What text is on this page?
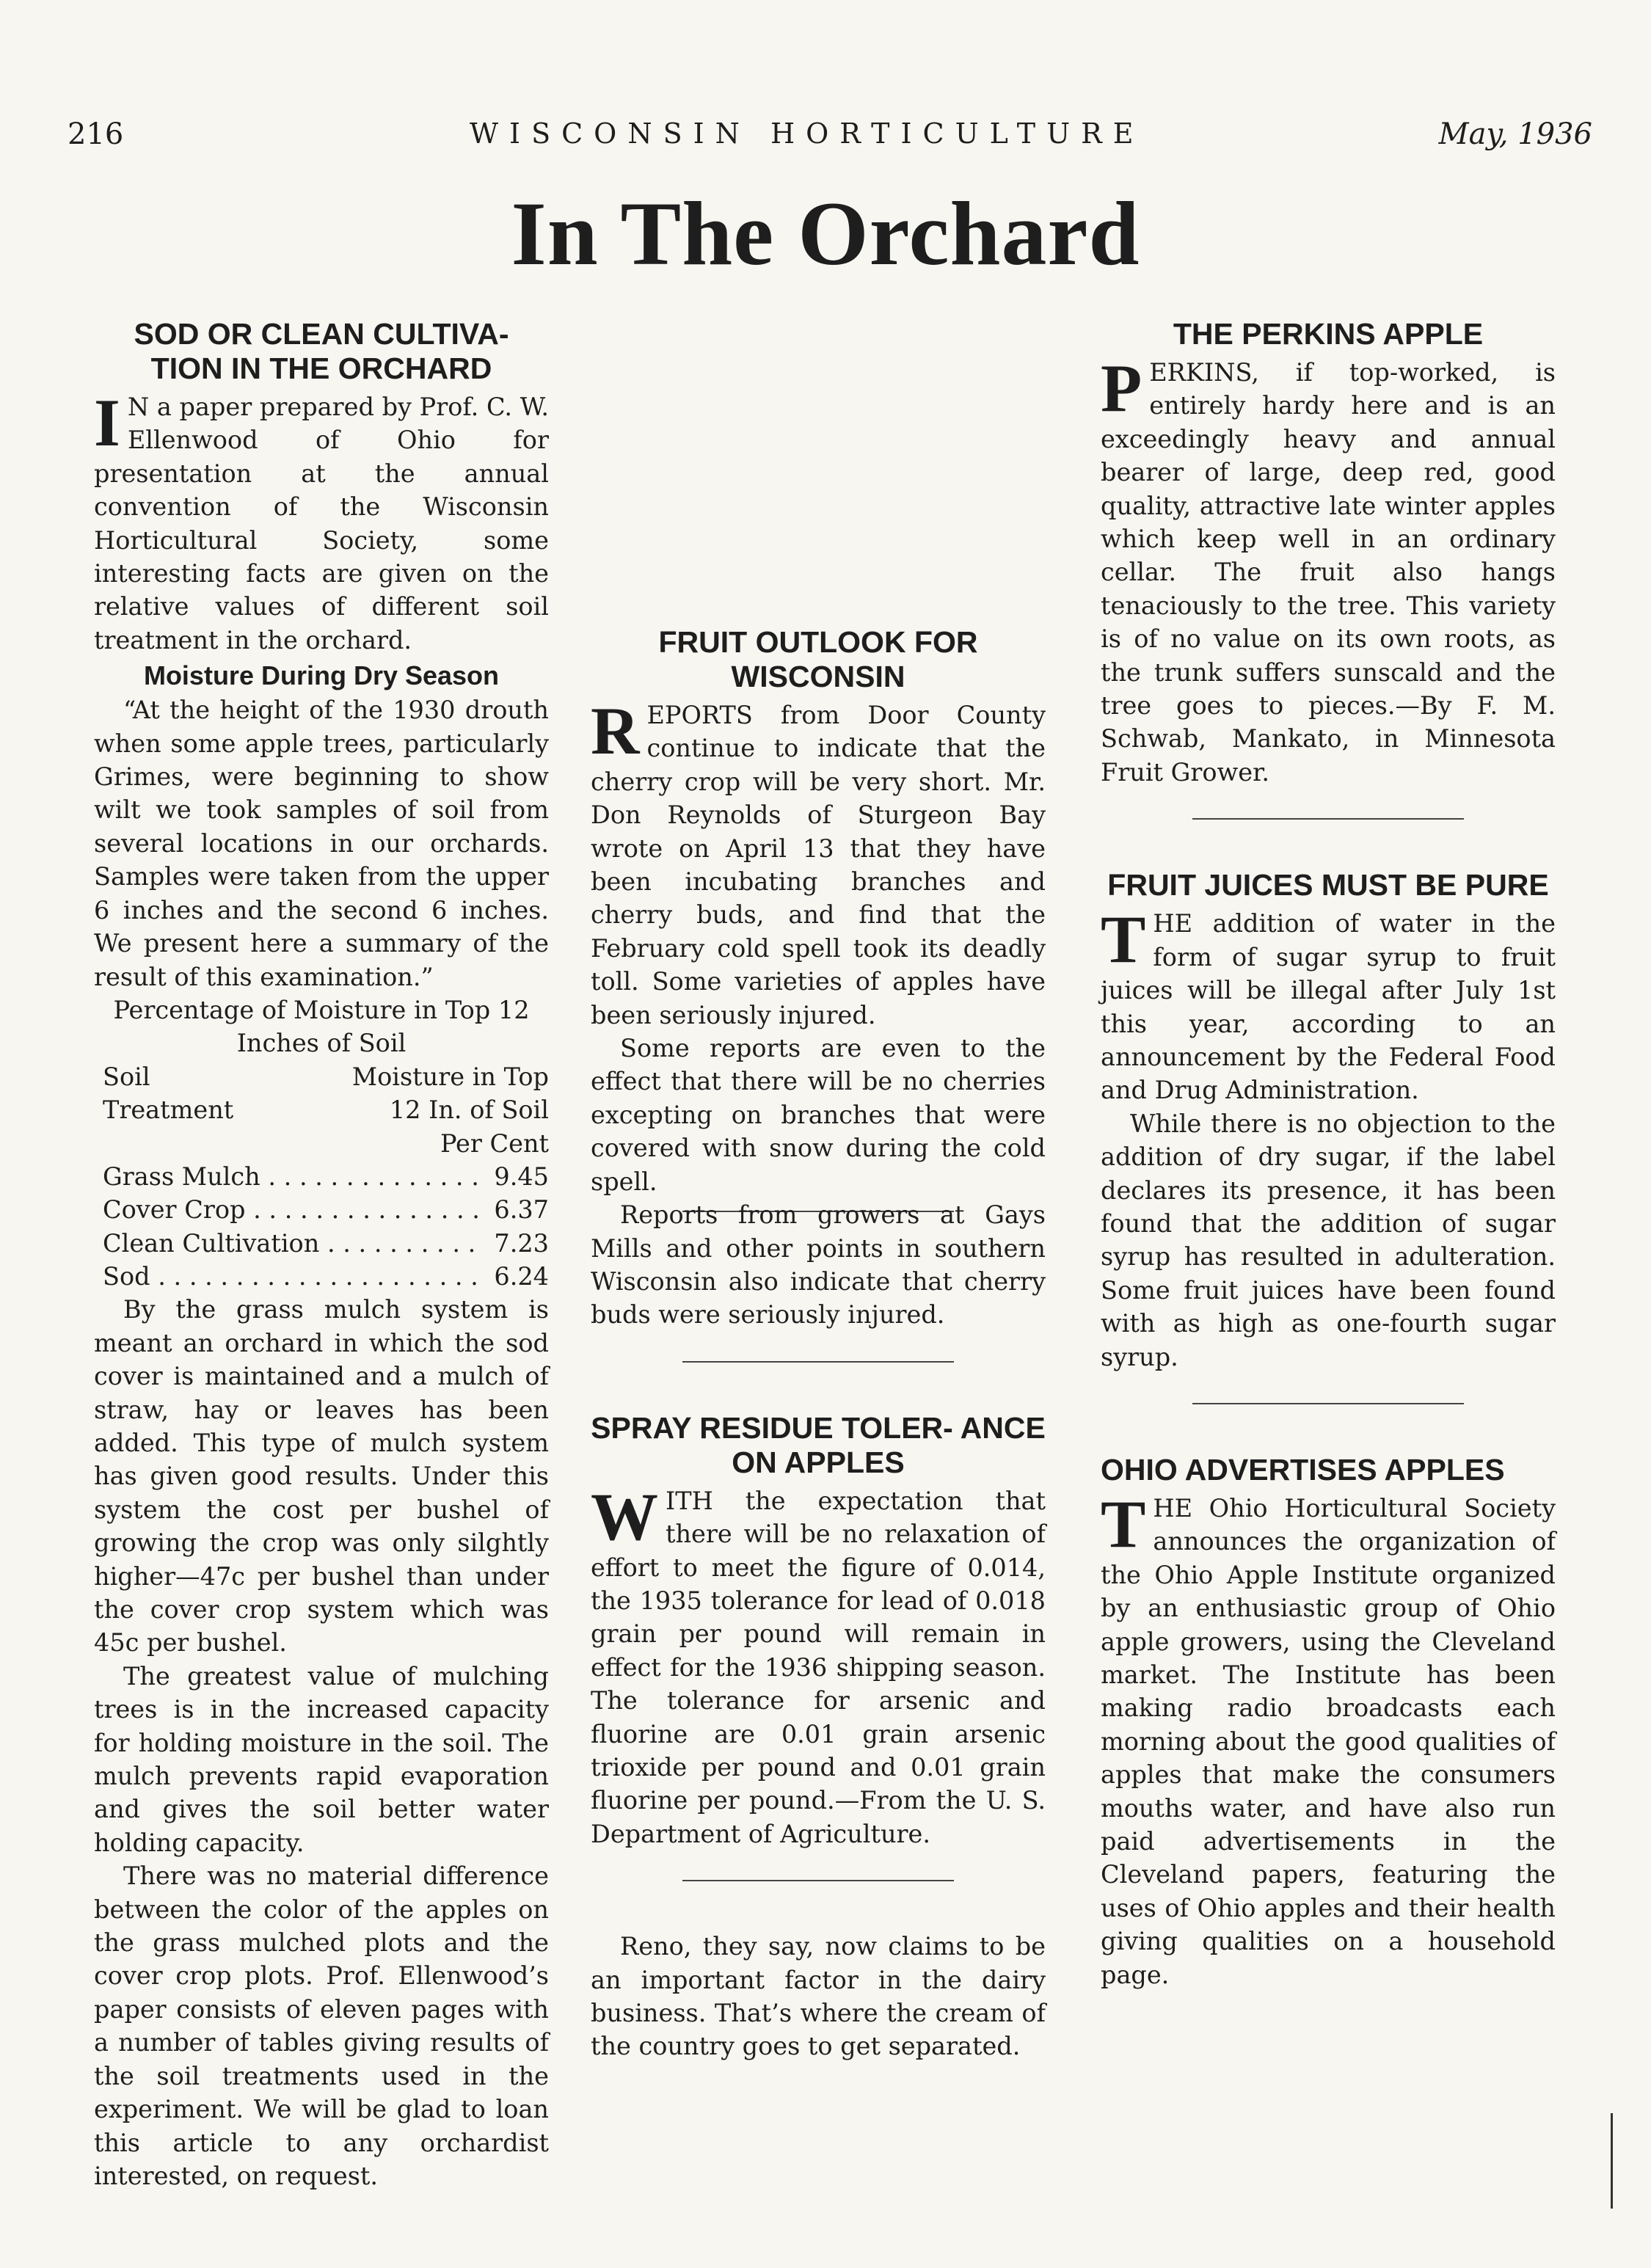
216	WISCONSIN HORTICULTURE	May, 1936
In The Orchard
SOD OR CLEAN CULTIVA- TION IN THE ORCHARD

I N a paper prepared by Prof. C. W. Ellenwood of Ohio for presentation at the annual convention of the Wisconsin Horticultural Society, some interesting facts are given on the relative values of different soil treatment in the orchard.

Moisture During Dry Season

“At the height of the 1930 drouth when some apple trees, particularly Grimes, were beginning to show wilt we took samples of soil from several locations in our orchards. Samples were taken from the upper 6 inches and the second 6 inches. We present here a summary of the result of this examination.”

Percentage of Moisture in Top 12 Inches of Soil

Soil Treatment
Moisture in Top
12 In. of Soil
Per Cent
Grass Mulch . . .	9.45
Cover Crop . . .	6.37
Clean Cultivation . . .	7.23
Sod . . .	6.24

By the grass mulch system is meant an orchard in which the sod cover is maintained and a mulch of straw, hay or leaves has been added. This type of mulch system has given good results. Under this system the cost per bushel of growing the crop was only silghtly higher—47c per bushel than under the cover crop system which was 45c per bushel.

The greatest value of mulching trees is in the increased capacity for holding moisture in the soil. The mulch prevents rapid evaporation and gives the soil better water holding capacity.

There was no material difference between the color of the apples on the grass mulched plots and the cover crop plots. Prof. Ellenwood’s paper consists of eleven pages with a number of tables giving results of the soil treatments used in the experiment. We will be glad to loan this article to any orchardist interested, on request.

FRUIT OUTLOOK FOR WISCONSIN

REPORTS from Door County continue to indicate that the cherry crop will be very short. Mr. Don Reynolds of Sturgeon Bay wrote on April 13 that they have been incubating branches and cherry buds, and find that the February cold spell took its deadly toll. Some varieties of apples have been seriously injured.

Some reports are even to the effect that there will be no cherries excepting on branches that were covered with snow during the cold spell.

Reports from growers at Gays Mills and other points in southern Wisconsin also indicate that cherry buds were seriously injured.

SPRAY RESIDUE TOLER- ANCE ON APPLES

WITH the expectation that there will be no relaxation of effort to meet the figure of 0.014, the 1935 tolerance for lead of 0.018 grain per pound will remain in effect for the 1936 shipping season. The tolerance for arsenic and fluorine are 0.01 grain arsenic trioxide per pound and 0.01 grain fluorine per pound.—From the U. S. Department of Agriculture.

Reno, they say, now claims to be an important factor in the dairy business. That’s where the cream of the country goes to get separated.

THE PERKINS APPLE

PERKINS, if top-worked, is entirely hardy here and is an exceedingly heavy and annual bearer of large, deep red, good quality, attractive late winter apples which keep well in an ordinary cellar. The fruit also hangs tenaciously to the tree. This variety is of no value on its own roots, as the trunk suffers sunscald and the tree goes to pieces.—By F. M. Schwab, Mankato, in Minnesota Fruit Grower.

FRUIT JUICES MUST BE PURE

THE addition of water in the form of sugar syrup to fruit juices will be illegal after July 1st this year, according to an announcement by the Federal Food and Drug Administration.

While there is no objection to the addition of dry sugar, if the label declares its presence, it has been found that the addition of sugar syrup has resulted in adulteration. Some fruit juices have been found with as high as one-fourth sugar syrup.

OHIO ADVERTISES APPLES

THE Ohio Horticultural Society announces the organization of the Ohio Apple Institute organized by an enthusiastic group of Ohio apple growers, using the Cleveland market. The Institute has been making radio broadcasts each morning about the good qualities of apples that make the consumers mouths water, and have also run paid advertisements in the Cleveland papers, featuring the uses of Ohio apples and their health giving qualities on a household page.
